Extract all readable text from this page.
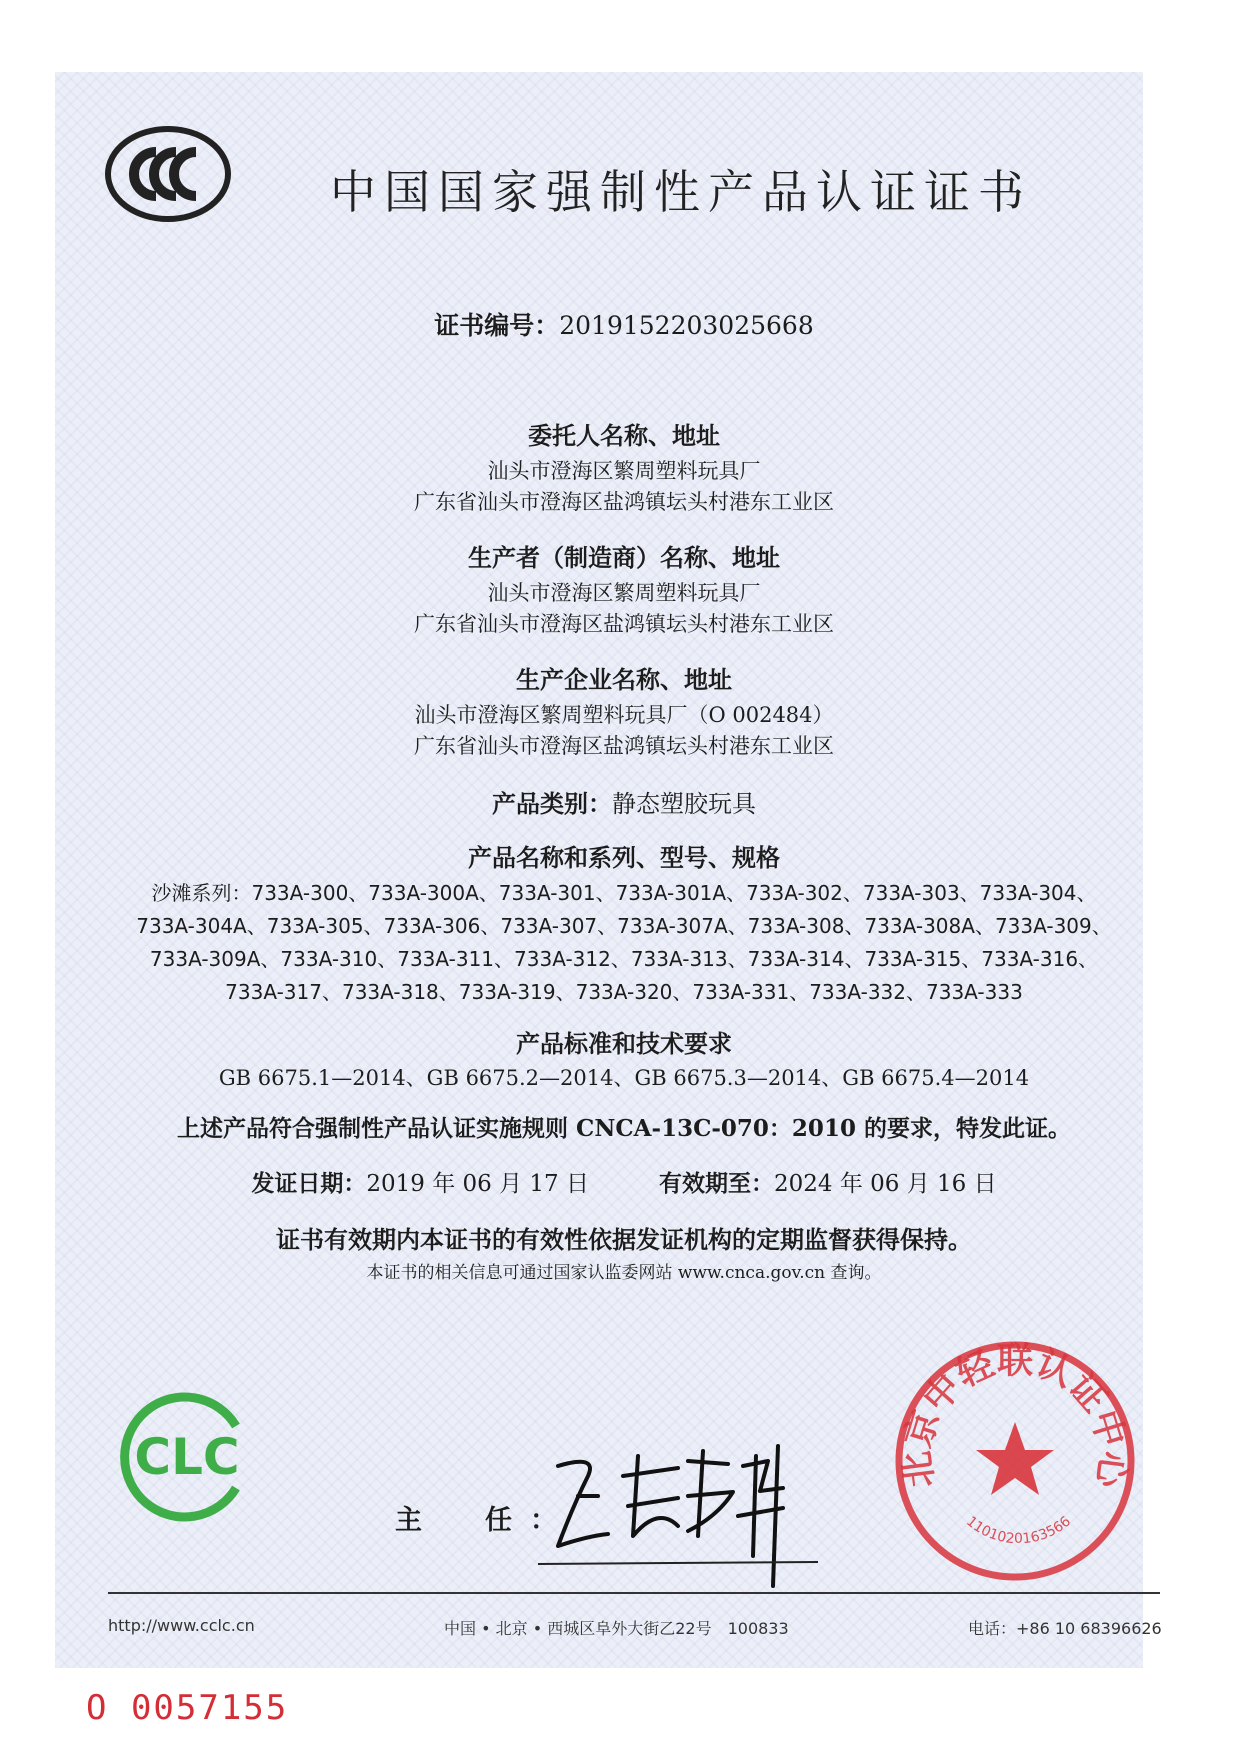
中国国家强制性产品认证证书
证书编号：2019152203025668
委托人名称、地址
汕头市澄海区繁周塑料玩具厂
广东省汕头市澄海区盐鸿镇坛头村港东工业区
生产者（制造商）名称、地址
汕头市澄海区繁周塑料玩具厂
广东省汕头市澄海区盐鸿镇坛头村港东工业区
生产企业名称、地址
汕头市澄海区繁周塑料玩具厂（O 002484）
广东省汕头市澄海区盐鸿镇坛头村港东工业区
产品类别：静态塑胶玩具
产品名称和系列、型号、规格
沙滩系列：733A-300、733A-300A、733A-301、733A-301A、733A-302、733A-303、733A-304、
733A-304A、733A-305、733A-306、733A-307、733A-307A、733A-308、733A-308A、733A-309、
733A-309A、733A-310、733A-311、733A-312、733A-313、733A-314、733A-315、733A-316、
733A-317、733A-318、733A-319、733A-320、733A-331、733A-332、733A-333
产品标准和技术要求
GB 6675.1—2014、GB 6675.2—2014、GB 6675.3—2014、GB 6675.4—2014
上述产品符合强制性产品认证实施规则 CNCA-13C-070：2010 的要求，特发此证。
发证日期：2019 年 06 月 17 日	有效期至：2024 年 06 月 16 日
证书有效期内本证书的有效性依据发证机构的定期监督获得保持。
本证书的相关信息可通过国家认监委网站 www.cnca.gov.cn 查询。
CLC
主　任：
北京中轻联认证中心
1101020163566
http://www.cclc.cn	中国 • 北京 • 西城区阜外大街乙22号　100833	电话：+86 10 68396626
O 0057155
